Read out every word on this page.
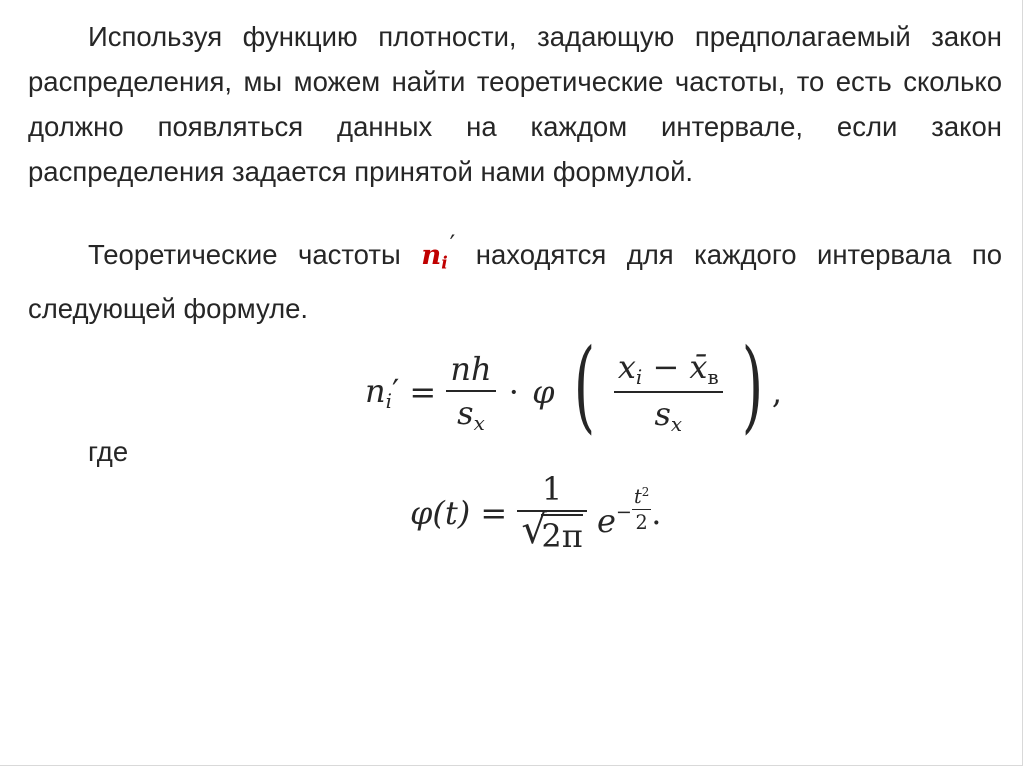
Используя функцию плотности, задающую предполагаемый закон распределения, мы можем найти теоретические частоты, то есть сколько должно появляться данных на каждом интервале, если закон распределения задается принятой нами формулой.

Теоретические частоты $n_i'$ находятся для каждого интервала по следующей формуле.

$n_i' = \frac{nh}{s_x} \cdot \varphi$ ( $\frac{x_i - x̄_в}{s_x}$ ) ,
где
φ(t) = 1
√
2π $e- \frac{t^2}{2}$ .
